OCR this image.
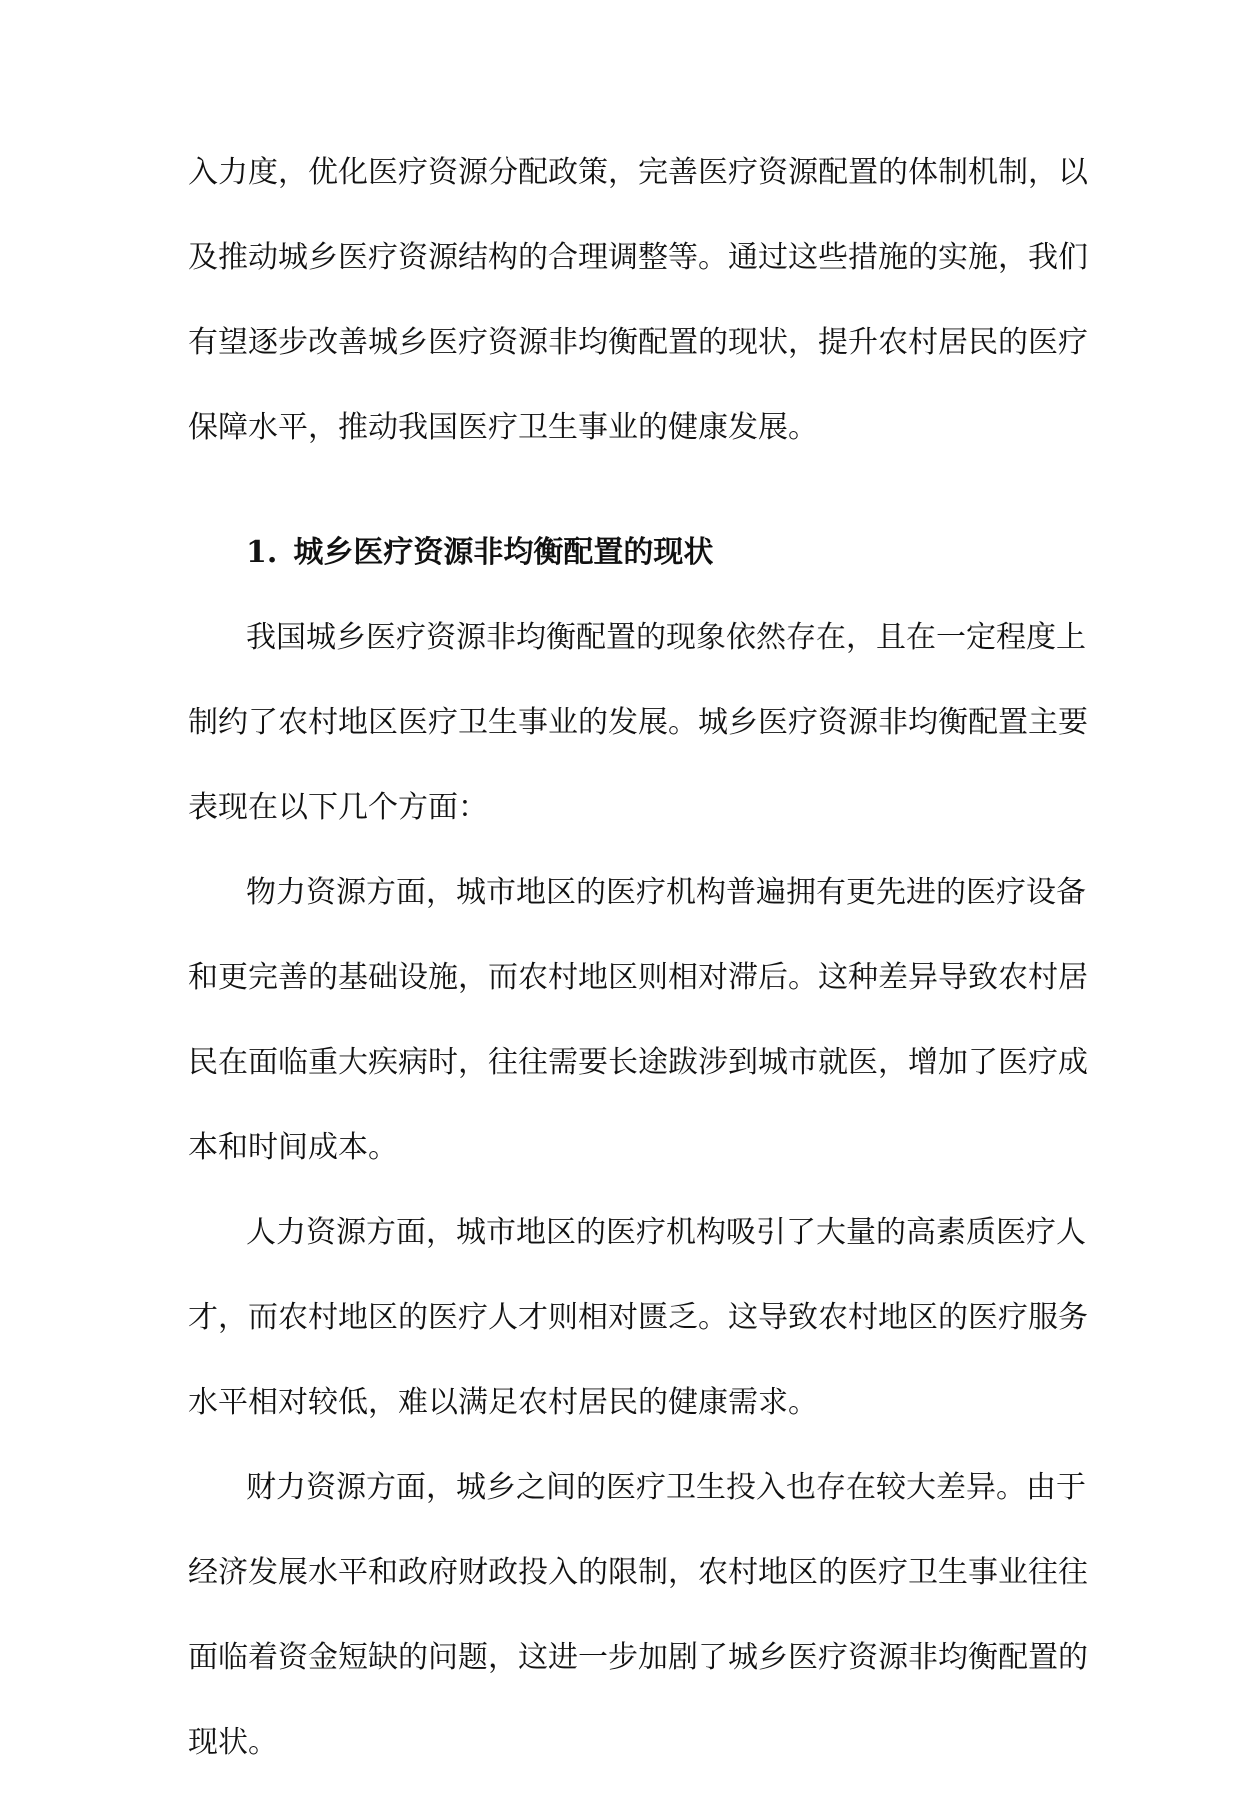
入力度，优化医疗资源分配政策，完善医疗资源配置的体制机制，以
及推动城乡医疗资源结构的合理调整等。通过这些措施的实施，我们
有望逐步改善城乡医疗资源非均衡配置的现状，提升农村居民的医疗
保障水平，推动我国医疗卫生事业的健康发展。
1. 城乡医疗资源非均衡配置的现状
我国城乡医疗资源非均衡配置的现象依然存在，且在一定程度上
制约了农村地区医疗卫生事业的发展。城乡医疗资源非均衡配置主要
表现在以下几个方面：
物力资源方面，城市地区的医疗机构普遍拥有更先进的医疗设备
和更完善的基础设施，而农村地区则相对滞后。这种差异导致农村居
民在面临重大疾病时，往往需要长途跋涉到城市就医，增加了医疗成
本和时间成本。
人力资源方面，城市地区的医疗机构吸引了大量的高素质医疗人
才，而农村地区的医疗人才则相对匮乏。这导致农村地区的医疗服务
水平相对较低，难以满足农村居民的健康需求。
财力资源方面，城乡之间的医疗卫生投入也存在较大差异。由于
经济发展水平和政府财政投入的限制，农村地区的医疗卫生事业往往
面临着资金短缺的问题，这进一步加剧了城乡医疗资源非均衡配置的
现状。
